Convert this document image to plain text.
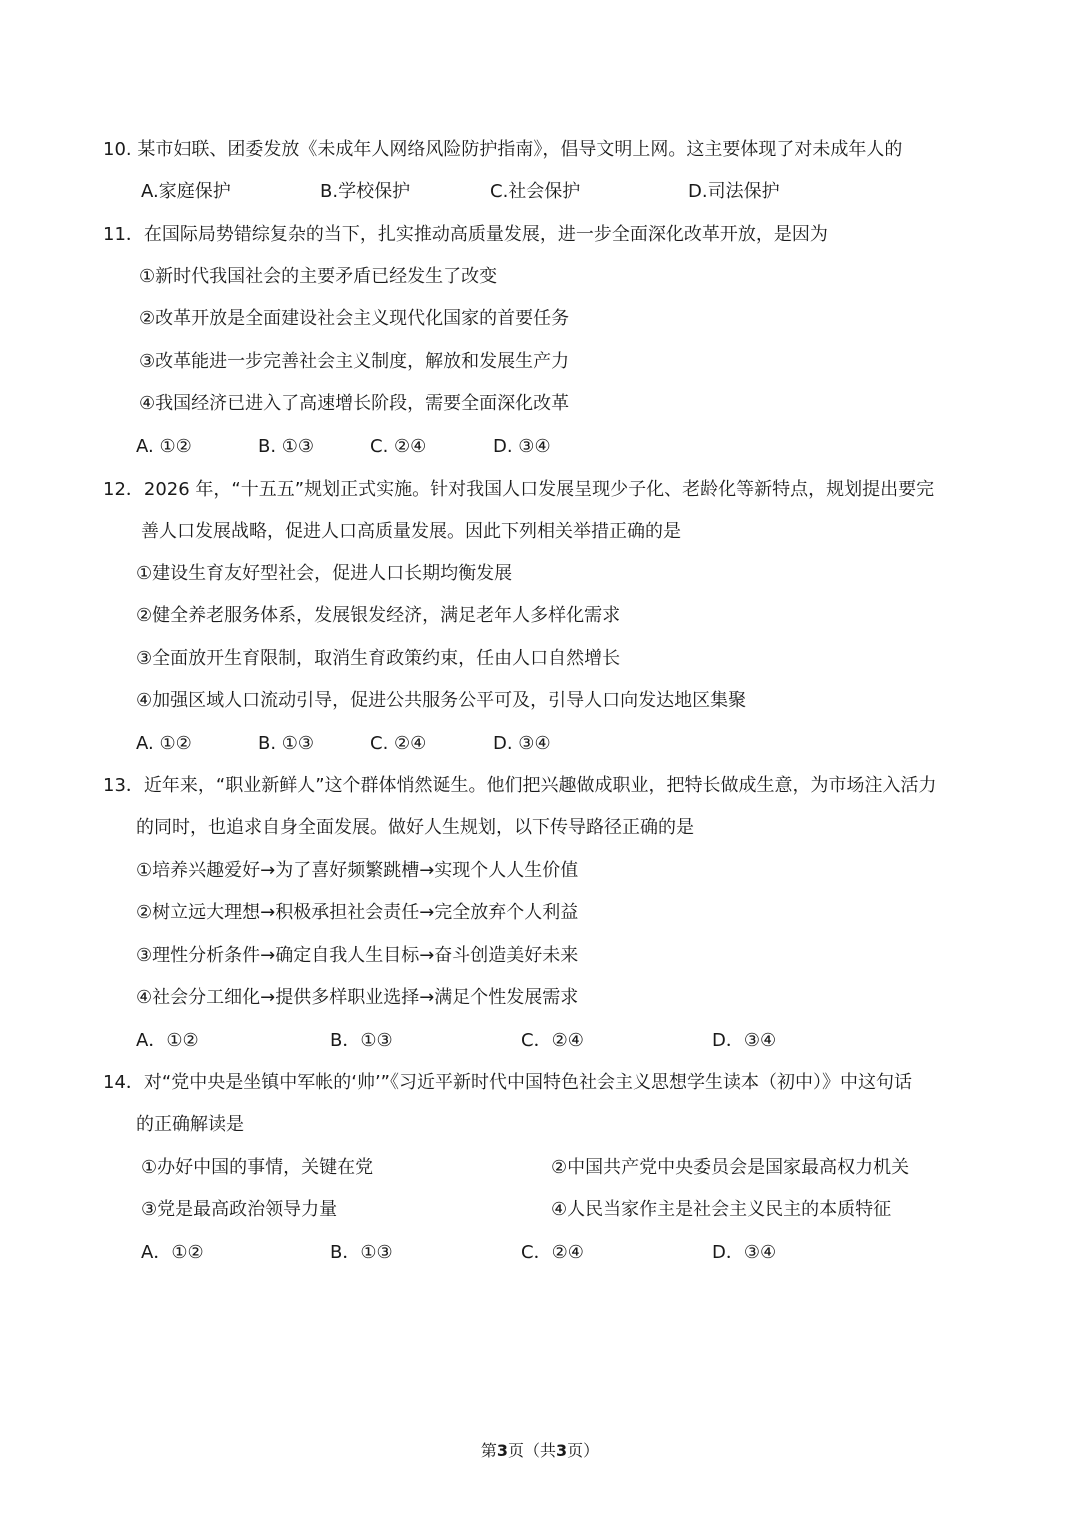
10. 某市妇联、团委发放《未成年人网络风险防护指南》，倡导文明上网。这主要体现了对未成年人的
A.家庭保护	B.学校保护	C.社会保护	D.司法保护
11．在国际局势错综复杂的当下，扎实推动高质量发展，进一步全面深化改革开放，是因为
①新时代我国社会的主要矛盾已经发生了改变
②改革开放是全面建设社会主义现代化国家的首要任务
③改革能进一步完善社会主义制度，解放和发展生产力
④我国经济已进入了高速增长阶段，需要全面深化改革
A. ①②	B. ①③	C. ②④	D. ③④
12．2026 年，“十五五”规划正式实施。针对我国人口发展呈现少子化、老龄化等新特点，规划提出要完
善人口发展战略，促进人口高质量发展。因此下列相关举措正确的是
①建设生育友好型社会，促进人口长期均衡发展
②健全养老服务体系，发展银发经济，满足老年人多样化需求
③全面放开生育限制，取消生育政策约束，任由人口自然增长
④加强区域人口流动引导，促进公共服务公平可及，引导人口向发达地区集聚
A. ①②	B. ①③	C. ②④	D. ③④
13．近年来，“职业新鲜人”这个群体悄然诞生。他们把兴趣做成职业，把特长做成生意，为市场注入活力
的同时，也追求自身全面发展。做好人生规划，以下传导路径正确的是
①培养兴趣爱好→为了喜好频繁跳槽→实现个人人生价值
②树立远大理想→积极承担社会责任→完全放弃个人利益
③理性分析条件→确定自我人生目标→奋斗创造美好未来
④社会分工细化→提供多样职业选择→满足个性发展需求
A．①②	B．①③	C．②④	D．③④
14．对“党中央是坐镇中军帐的‘帅’”《习近平新时代中国特色社会主义思想学生读本（初中）》中这句话
的正确解读是
①办好中国的事情，关键在党	②中国共产党中央委员会是国家最高权力机关
③党是最高政治领导力量	④人民当家作主是社会主义民主的本质特征
A．①②	B．①③	C．②④	D．③④
第3页（共3页）
